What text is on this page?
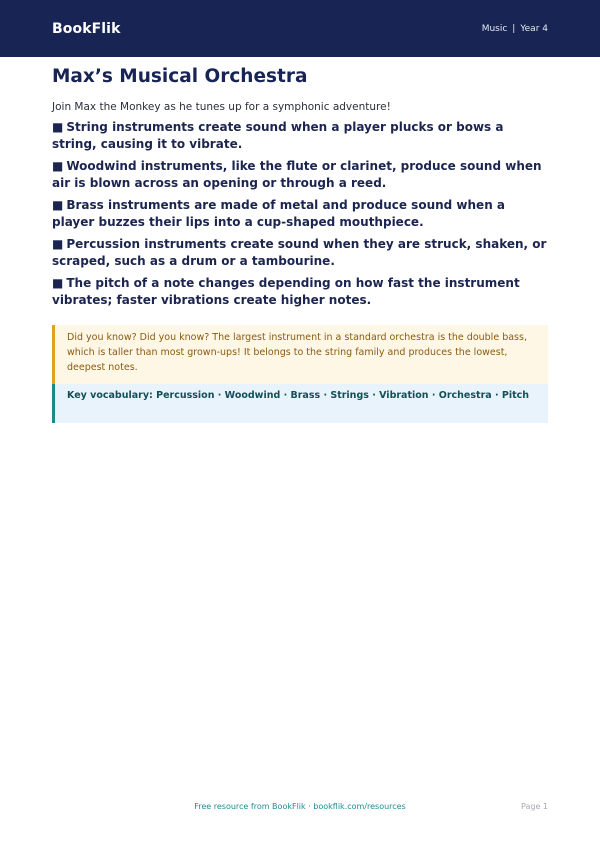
BookFlik	Music | Year 4
Max’s Musical Orchestra

Join Max the Monkey as he tunes up for a symphonic adventure!

■ String instruments create sound when a player plucks or bows a string, causing it to vibrate.
■ Woodwind instruments, like the flute or clarinet, produce sound when air is blown across an opening or through a reed.
■ Brass instruments are made of metal and produce sound when a player buzzes their lips into a cup-shaped mouthpiece.
■ Percussion instruments create sound when they are struck, shaken, or scraped, such as a drum or a tambourine.
■ The pitch of a note changes depending on how fast the instrument vibrates; faster vibrations create higher notes.
Did you know? Did you know? The largest instrument in a standard orchestra is the double bass, which is taller than most grown-ups! It belongs to the string family and produces the lowest, deepest notes.
Key vocabulary: Percussion · Woodwind · Brass · Strings · Vibration · Orchestra · Pitch
Free resource from BookFlik · bookflik.com/resources	Page 1
